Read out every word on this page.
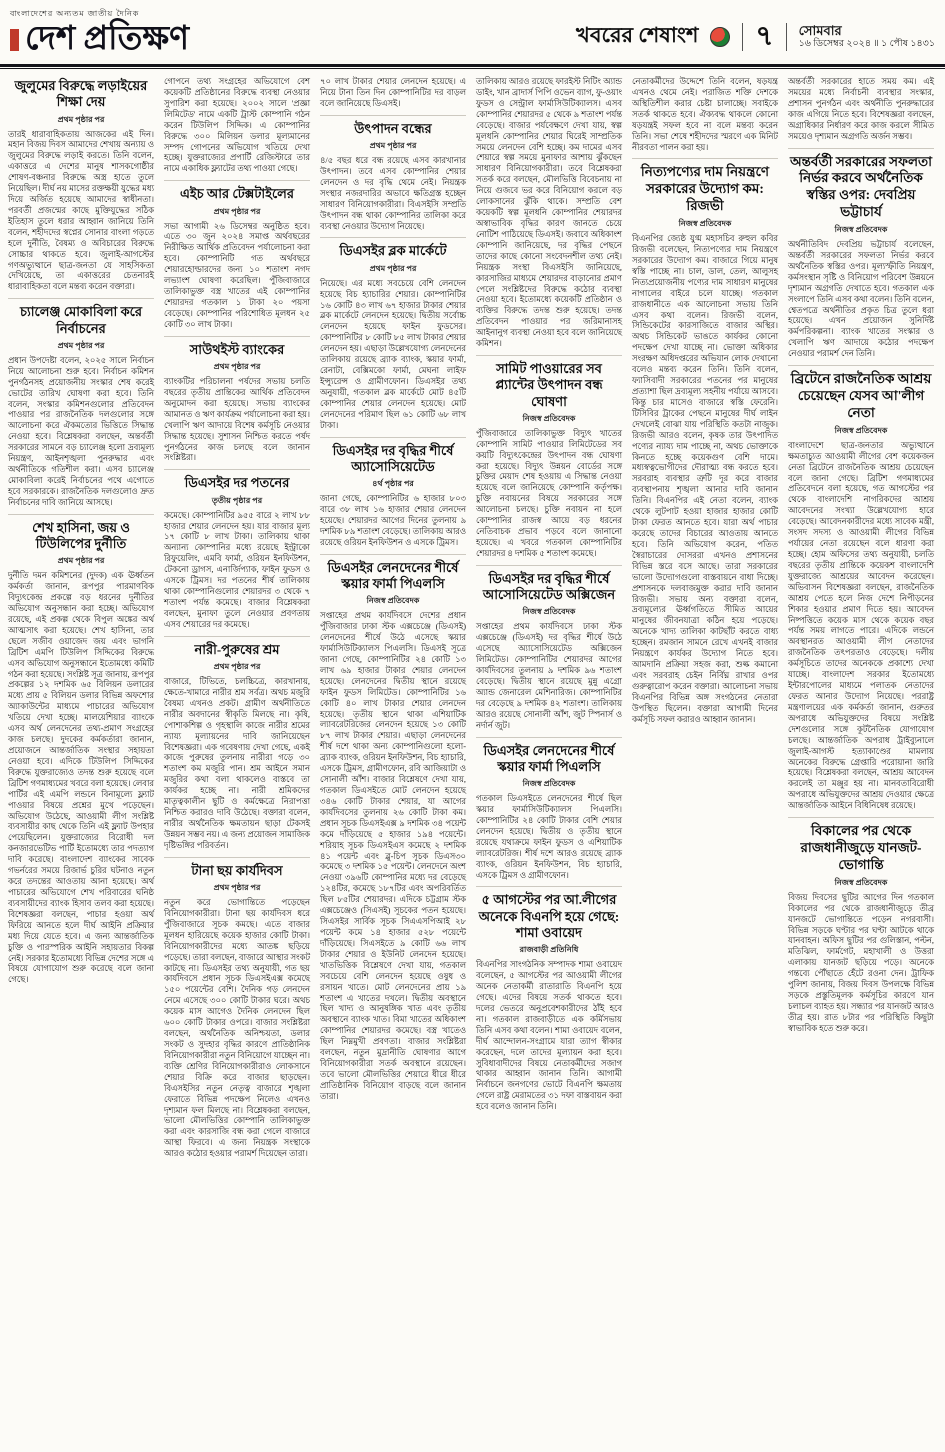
বাংলাদেশের অন্যতম জাতীয় দৈনিক
দেশ প্রতিক্ষণ	খবরের শেষাংশ	৭	সোমবার
১৬ ডিসেম্বর ২০২৪ ॥ ১ পৌষ ১৪৩১
জুলুমের বিরুদ্ধে লড়াইয়ের শিক্ষা দেয়
প্রথম পৃষ্ঠার পর

তারই ধারাবাহিকতায় আজকের এই দিন। মহান বিজয় দিবস আমাদের শেখায় অন্যায় ও জুলুমের বিরুদ্ধে লড়াই করতে। তিনি বলেন, একাত্তরে এ দেশের মানুষ শাসকগোষ্ঠীর শোষণ-বঞ্চনার বিরুদ্ধে অস্ত্র হাতে তুলে নিয়েছিল। দীর্ঘ নয় মাসের রক্তক্ষয়ী যুদ্ধের মধ্য দিয়ে অর্জিত হয়েছে আমাদের স্বাধীনতা। পরবর্তী প্রজন্মের কাছে মুক্তিযুদ্ধের সঠিক ইতিহাস তুলে ধরার আহ্বান জানিয়ে তিনি বলেন, শহীদদের স্বপ্নের সোনার বাংলা গড়তে হলে দুর্নীতি, বৈষম্য ও অবিচারের বিরুদ্ধে সোচ্চার থাকতে হবে। জুলাই-আগস্টের গণঅভ্যুত্থানে ছাত্র-জনতা যে সাহসিকতা দেখিয়েছে, তা একাত্তরের চেতনারই ধারাবাহিকতা বলে মন্তব্য করেন বক্তারা।

চ্যালেঞ্জ মোকাবিলা করে নির্বাচনের
প্রথম পৃষ্ঠার পর

প্রধান উপদেষ্টা বলেন, ২০২৫ সালে নির্বাচন নিয়ে আলোচনা শুরু হবে। নির্বাচন কমিশন পুনর্গঠনসহ প্রয়োজনীয় সংস্কার শেষ করেই ভোটের তারিখ ঘোষণা করা হবে। তিনি বলেন, সংস্কার কমিশনগুলোর প্রতিবেদন পাওয়ার পর রাজনৈতিক দলগুলোর সঙ্গে আলোচনা করে ঐকমত্যের ভিত্তিতে সিদ্ধান্ত নেওয়া হবে। বিশ্লেষকরা বলছেন, অন্তর্বর্তী সরকারের সামনে বড় চ্যালেঞ্জ হলো দ্রব্যমূল্য নিয়ন্ত্রণ, আইনশৃঙ্খলা পুনরুদ্ধার এবং অর্থনীতিকে গতিশীল করা। এসব চ্যালেঞ্জ মোকাবিলা করেই নির্বাচনের পথে এগোতে হবে সরকারকে। রাজনৈতিক দলগুলোও দ্রুত নির্বাচনের দাবি জানিয়ে আসছে।

শেখ হাসিনা, জয় ও টিউলিপের দুর্নীতি
প্রথম পৃষ্ঠার পর

দুর্নীতি দমন কমিশনের (দুদক) এক ঊর্ধ্বতন কর্মকর্তা জানান, রূপপুর পারমাণবিক বিদ্যুৎকেন্দ্র প্রকল্পে বড় ধরনের দুর্নীতির অভিযোগ অনুসন্ধান করা হচ্ছে। অভিযোগ রয়েছে, এই প্রকল্প থেকে বিপুল অঙ্কের অর্থ আত্মসাৎ করা হয়েছে। শেখ হাসিনা, তার ছেলে সজীব ওয়াজেদ জয় এবং ভাগনি ব্রিটিশ এমপি টিউলিপ সিদ্দিকের বিরুদ্ধে এসব অভিযোগ অনুসন্ধানে ইতোমধ্যে কমিটি গঠন করা হয়েছে। সংশ্লিষ্ট সূত্র জানায়, রূপপুর প্রকল্পের ১২ দশমিক ৬৫ বিলিয়ন ডলারের মধ্যে প্রায় ৫ বিলিয়ন ডলার বিভিন্ন অফশোর অ্যাকাউন্টের মাধ্যমে পাচারের অভিযোগ খতিয়ে দেখা হচ্ছে। মালয়েশিয়ার ব্যাংকে এসব অর্থ লেনদেনের তথ্য-প্রমাণ সংগ্রহের কাজ চলছে। দুদকের কর্মকর্তারা জানান, প্রয়োজনে আন্তর্জাতিক সংস্থার সহায়তা নেওয়া হবে। এদিকে টিউলিপ সিদ্দিকের বিরুদ্ধে যুক্তরাজ্যেও তদন্ত শুরু হয়েছে বলে ব্রিটিশ গণমাধ্যমের খবরে বলা হয়েছে। লেবার পার্টির এই এমপি লন্ডনে বিনামূল্যে ফ্ল্যাট পাওয়ার বিষয়ে প্রশ্নের মুখে পড়েছেন। অভিযোগ উঠেছে, আওয়ামী লীগ সংশ্লিষ্ট ব্যবসায়ীর কাছ থেকে তিনি এই ফ্ল্যাট উপহার পেয়েছিলেন। যুক্তরাজ্যের বিরোধী দল কনজারভেটিভ পার্টি ইতোমধ্যে তার পদত্যাগ দাবি করেছে। বাংলাদেশ ব্যাংকের সাবেক গভর্নরের সময়ে রিজার্ভ চুরির ঘটনাও নতুন করে তদন্তের আওতায় আনা হয়েছে। অর্থ পাচারের অভিযোগে শেখ পরিবারের ঘনিষ্ঠ ব্যবসায়ীদের ব্যাংক হিসাব তলব করা হয়েছে। বিশেষজ্ঞরা বলছেন, পাচার হওয়া অর্থ ফিরিয়ে আনতে হলে দীর্ঘ আইনি প্রক্রিয়ার মধ্য দিয়ে যেতে হবে। এ জন্য আন্তর্জাতিক চুক্তি ও পারস্পরিক আইনি সহায়তার বিকল্প নেই। সরকার ইতোমধ্যে বিভিন্ন দেশের সঙ্গে এ বিষয়ে যোগাযোগ শুরু করেছে বলে জানা গেছে।

গোপনে তথ্য সংগ্রহের অভিযোগে বেশ কয়েকটি প্রতিষ্ঠানের বিরুদ্ধে ব্যবস্থা নেওয়ার সুপারিশ করা হয়েছে। ২০০২ সালে 'প্রজ্ঞা লিমিটেড' নামে একটি ট্রাস্ট কোম্পানি গঠন করেন টিউলিপ সিদ্দিক। এ কোম্পানির বিরুদ্ধে ৩০০ মিলিয়ন ডলার মূল্যমানের সম্পদ গোপনের অভিযোগ খতিয়ে দেখা হচ্ছে। যুক্তরাজ্যের প্রপার্টি রেজিস্টারে তার নামে একাধিক ফ্ল্যাটের তথ্য পাওয়া গেছে।

এইচ আর টেক্সটাইলের
প্রথম পৃষ্ঠার পর

সভা আগামী ২৬ ডিসেম্বর অনুষ্ঠিত হবে। এতে ৩০ জুন ২০২৪ সমাপ্ত অর্থবছরের নিরীক্ষিত আর্থিক প্রতিবেদন পর্যালোচনা করা হবে। কোম্পানিটি গত অর্থবছরে শেয়ারহোল্ডারদের জন্য ১০ শতাংশ নগদ লভ্যাংশ ঘোষণা করেছিল। পুঁজিবাজারে তালিকাভুক্ত বস্ত্র খাতের এই কোম্পানির শেয়ারদর গতকাল ১ টাকা ২০ পয়সা বেড়েছে। কোম্পানির পরিশোধিত মূলধন ২৫ কোটি ৩০ লাখ টাকা।

সাউথইস্ট ব্যাংকের
প্রথম পৃষ্ঠার পর

ব্যাংকটির পরিচালনা পর্ষদের সভায় চলতি বছরের তৃতীয় প্রান্তিকের আর্থিক প্রতিবেদন অনুমোদন করা হয়েছে। সভায় ব্যাংকের আমানত ও ঋণ কার্যক্রম পর্যালোচনা করা হয়। খেলাপি ঋণ আদায়ে বিশেষ কর্মসূচি নেওয়ার সিদ্ধান্ত হয়েছে। সুশাসন নিশ্চিত করতে পর্ষদ পুনর্গঠনের কাজ চলছে বলে জানান সংশ্লিষ্টরা।

ডিএসইর দর পতনের
তৃতীয় পৃষ্ঠার পর

কমেছে। কোম্পানিটির ৯৫৫ বারে ২ লাখ ৮৮ হাজার শেয়ার লেনদেন হয়। যার বাজার মূল্য ১৭ কোটি ৮ লাখ টাকা। তালিকায় থাকা অন্যান্য কোম্পানির মধ্যে রয়েছে ইন্ট্রাকো রিফুয়েলিং, এমবি ফার্মা, ওরিয়ন ইনফিউশন, টেকনো ড্রাগস, এনার্জিপ্যাক, ফাইন ফুডস ও এসকে ট্রিমস। দর পতনের শীর্ষ তালিকায় থাকা কোম্পানিগুলোর শেয়ারদর ৩ থেকে ৭ শতাংশ পর্যন্ত কমেছে। বাজার বিশ্লেষকরা বলছেন, মুনাফা তুলে নেওয়ার প্রবণতায় এসব শেয়ারের দর কমেছে।

নারী-পুরুষের শ্রম
প্রথম পৃষ্ঠার পর

বাজারে, টিভিতে, চলচ্চিত্রে, কারখানায়, ক্ষেতে-খামারে নারীর শ্রম সর্বত্র। অথচ মজুরি বৈষম্য এখনও প্রকট। গ্রামীণ অর্থনীতিতে নারীর অবদানের স্বীকৃতি মিলছে না। কৃষি, পোশাকশিল্প ও গৃহস্থালি কাজে নারীর শ্রমের ন্যায্য মূল্যায়নের দাবি জানিয়েছেন বিশেষজ্ঞরা। এক গবেষণায় দেখা গেছে, একই কাজে পুরুষের তুলনায় নারীরা গড়ে ৩০ শতাংশ কম মজুরি পান। শ্রম আইনে সমান মজুরির কথা বলা থাকলেও বাস্তবে তা কার্যকর হচ্ছে না। নারী শ্রমিকদের মাতৃত্বকালীন ছুটি ও কর্মক্ষেত্রে নিরাপত্তা নিশ্চিত করারও দাবি উঠেছে। বক্তারা বলেন, নারীর অর্থনৈতিক ক্ষমতায়ন ছাড়া টেকসই উন্নয়ন সম্ভব নয়। এ জন্য প্রয়োজন সামাজিক দৃষ্টিভঙ্গির পরিবর্তন।

টানা ছয় কার্যদিবস
প্রথম পৃষ্ঠার পর

নতুন করে ভোগান্তিতে পড়েছেন বিনিয়োগকারীরা। টানা ছয় কার্যদিবস ধরে পুঁজিবাজারে সূচক কমছে। এতে বাজার মূলধন হারিয়েছে কয়েক হাজার কোটি টাকা। বিনিয়োগকারীদের মধ্যে আতঙ্ক ছড়িয়ে পড়েছে। তারা বলছেন, বাজারে আস্থার সংকট কাটছে না। ডিএসইর তথ্য অনুযায়ী, গত ছয় কার্যদিবসে প্রধান সূচক ডিএসইএক্স কমেছে ১৫০ পয়েন্টের বেশি। দৈনিক গড় লেনদেন নেমে এসেছে ৩০০ কোটি টাকার ঘরে। অথচ কয়েক মাস আগেও দৈনিক লেনদেন ছিল ৬০০ কোটি টাকার ওপরে। বাজার সংশ্লিষ্টরা বলছেন, অর্থনৈতিক অনিশ্চয়তা, ডলার সংকট ও সুদহার বৃদ্ধির কারণে প্রাতিষ্ঠানিক বিনিয়োগকারীরা নতুন বিনিয়োগে যাচ্ছেন না। ব্যক্তি শ্রেণির বিনিয়োগকারীরাও লোকসানে শেয়ার বিক্রি করে বাজার ছাড়ছেন। বিএসইসির নতুন নেতৃত্ব বাজারে শৃঙ্খলা ফেরাতে বিভিন্ন পদক্ষেপ নিলেও এখনও দৃশ্যমান ফল মিলছে না। বিশ্লেষকরা বলছেন, ভালো মৌলভিত্তির কোম্পানি তালিকাভুক্ত করা এবং কারসাজি বন্ধ করা গেলে বাজারে আস্থা ফিরবে। এ জন্য নিয়ন্ত্রক সংস্থাকে আরও কঠোর হওয়ার পরামর্শ দিয়েছেন তারা।

৭০ লাখ টাকার শেয়ার লেনদেন হয়েছে। এ নিয়ে টানা তিন দিন কোম্পানিটির দর বাড়ল বলে জানিয়েছে ডিএসই।

উৎপাদন বন্ধের
প্রথম পৃষ্ঠার পর

৪/৫ বছর ধরে বন্ধ রয়েছে এসব কারখানার উৎপাদন। তবে এসব কোম্পানির শেয়ার লেনদেন ও দর বৃদ্ধি থেমে নেই। নিয়ন্ত্রক সংস্থার নজরদারির অভাবে ক্ষতিগ্রস্ত হচ্ছেন সাধারণ বিনিয়োগকারীরা। বিএসইসি সম্প্রতি উৎপাদন বন্ধ থাকা কোম্পানির তালিকা করে ব্যবস্থা নেওয়ার উদ্যোগ নিয়েছে।

ডিএসইর ব্লক মার্কেটে
প্রথম পৃষ্ঠার পর

নিয়েছে। এর মধ্যে সবচেয়ে বেশি লেনদেন হয়েছে বিচ হ্যাচারির শেয়ার। কোম্পানিটির ১৬ কোটি ৪৩ লাখ ৬৭ হাজার টাকার শেয়ার ব্লক মার্কেটে লেনদেন হয়েছে। দ্বিতীয় সর্বোচ্চ লেনদেন হয়েছে ফাইন ফুডসের। কোম্পানিটির ৮ কোটি ৮৫ লাখ টাকার শেয়ার লেনদেন হয়। এছাড়া উল্লেখযোগ্য লেনদেনের তালিকায় রয়েছে ব্র্যাক ব্যাংক, স্কয়ার ফার্মা, রেনাটা, বেক্সিমকো ফার্মা, মেঘনা লাইফ ইন্স্যুরেন্স ও গ্রামীণফোন। ডিএসইর তথ্য অনুযায়ী, গতকাল ব্লক মার্কেটে মোট ৪৫টি কোম্পানির শেয়ার লেনদেন হয়েছে। মোট লেনদেনের পরিমাণ ছিল ৬১ কোটি ৬৮ লাখ টাকা।

ডিএসইর দর বৃদ্ধির শীর্ষে অ্যাসোসিয়েটেড
৪র্থ পৃষ্ঠার পর

জানা গেছে, কোম্পানিটির ৬ হাজার ৮০৩ বারে ৩৮ লাখ ১৬ হাজার শেয়ার লেনদেন হয়েছে। শেয়ারদর আগের দিনের তুলনায় ৯ দশমিক ৮৯ শতাংশ বেড়েছে। তালিকায় আরও রয়েছে ওরিয়ন ইনফিউশন ও এসকে ট্রিমস।

ডিএসইর লেনদেনের শীর্ষে স্কয়ার ফার্মা পিএলসি
নিজস্ব প্রতিবেদক

সপ্তাহের প্রথম কার্যদিবসে দেশের প্রধান পুঁজিবাজার ঢাকা স্টক এক্সচেঞ্জে (ডিএসই) লেনদেনের শীর্ষে উঠে এসেছে স্কয়ার ফার্মাসিউটিক্যালস পিএলসি। ডিএসই সূত্রে জানা গেছে, কোম্পানিটির ২৪ কোটি ১৩ লাখ ৬৯ হাজার টাকার শেয়ার লেনদেন হয়েছে। লেনদেনের দ্বিতীয় স্থানে রয়েছে ফাইন ফুডস লিমিটেড। কোম্পানিটির ১৬ কোটি ৪০ লাখ টাকার শেয়ার লেনদেন হয়েছে। তৃতীয় স্থানে থাকা এশিয়াটিক ল্যাবরেটরিজের লেনদেন হয়েছে ১৩ কোটি ৮৭ লাখ টাকার শেয়ার। এছাড়া লেনদেনের শীর্ষ দশে থাকা অন্য কোম্পানিগুলো হলো- ব্র্যাক ব্যাংক, ওরিয়ন ইনফিউশন, বিচ হ্যাচারি, এসকে ট্রিমস, গ্রামীণফোন, রবি আজিয়াটা ও সোনালী আঁশ। বাজার বিশ্লেষণে দেখা যায়, গতকাল ডিএসইতে মোট লেনদেন হয়েছে ৩৪৬ কোটি টাকার শেয়ার, যা আগের কার্যদিবসের তুলনায় ২৬ কোটি টাকা কম। প্রধান সূচক ডিএসইএক্স ৯ দশমিক ৩৪ পয়েন্ট কমে দাঁড়িয়েছে ৫ হাজার ১৯৪ পয়েন্টে। শরিয়াহ সূচক ডিএসইএস কমেছে ২ দশমিক ৪১ পয়েন্ট এবং ব্লু-চিপ সূচক ডিএস৩০ কমেছে ৩ দশমিক ১৫ পয়েন্ট। লেনদেনে অংশ নেওয়া ৩৯৬টি কোম্পানির মধ্যে দর বেড়েছে ১২৪টির, কমেছে ১৮৭টির এবং অপরিবর্তিত ছিল ৮৫টির শেয়ারদর। এদিকে চট্টগ্রাম স্টক এক্সচেঞ্জেও (সিএসই) সূচকের পতন হয়েছে। সিএসইর সার্বিক সূচক সিএএসপিআই ২৮ পয়েন্ট কমে ১৪ হাজার ৫২৮ পয়েন্টে দাঁড়িয়েছে। সিএসইতে ৯ কোটি ৬৬ লাখ টাকার শেয়ার ও ইউনিট লেনদেন হয়েছে। খাতভিত্তিক বিশ্লেষণে দেখা যায়, গতকাল সবচেয়ে বেশি লেনদেন হয়েছে ওষুধ ও রসায়ন খাতে। মোট লেনদেনের প্রায় ১৯ শতাংশ এ খাতের দখলে। দ্বিতীয় অবস্থানে ছিল খাদ্য ও আনুষঙ্গিক খাত এবং তৃতীয় অবস্থানে ব্যাংক খাত। বিমা খাতের অধিকাংশ কোম্পানির শেয়ারদর কমেছে। বস্ত্র খাতেও ছিল নিম্নমুখী প্রবণতা। বাজার সংশ্লিষ্টরা বলছেন, নতুন মুদ্রানীতি ঘোষণার আগে বিনিয়োগকারীরা সতর্ক অবস্থানে রয়েছেন। তবে ভালো মৌলভিত্তির শেয়ারে ধীরে ধীরে প্রাতিষ্ঠানিক বিনিয়োগ বাড়ছে বলে জানান তারা।

তালিকায় আরও রয়েছে ফারইস্ট নিটিং অ্যান্ড ডাইং, খান ব্রাদার্স পিপি ওভেন ব্যাগ, ফু-ওয়াং ফুডস ও সেন্ট্রাল ফার্মাসিউটিক্যালস। এসব কোম্পানির শেয়ারদর ৫ থেকে ৯ শতাংশ পর্যন্ত বেড়েছে। বাজার পর্যবেক্ষণে দেখা যায়, স্বল্প মূলধনি কোম্পানির শেয়ার ঘিরেই সাম্প্রতিক সময়ে লেনদেন বেশি হচ্ছে। কম দামের এসব শেয়ারে স্বল্প সময়ে মুনাফার আশায় ঝুঁকছেন সাধারণ বিনিয়োগকারীরা। তবে বিশ্লেষকরা সতর্ক করে বলছেন, মৌলভিত্তি বিবেচনায় না নিয়ে গুজবে ভর করে বিনিয়োগ করলে বড় লোকসানের ঝুঁকি থাকে। সম্প্রতি বেশ কয়েকটি স্বল্প মূলধনি কোম্পানির শেয়ারদর অস্বাভাবিক বৃদ্ধির কারণ জানতে চেয়ে নোটিশ পাঠিয়েছে ডিএসই। জবাবে অধিকাংশ কোম্পানি জানিয়েছে, দর বৃদ্ধির পেছনে তাদের কাছে কোনো সংবেদনশীল তথ্য নেই। নিয়ন্ত্রক সংস্থা বিএসইসি জানিয়েছে, কারসাজির মাধ্যমে শেয়ারদর বাড়ানোর প্রমাণ পেলে সংশ্লিষ্টদের বিরুদ্ধে কঠোর ব্যবস্থা নেওয়া হবে। ইতোমধ্যে কয়েকটি প্রতিষ্ঠান ও ব্যক্তির বিরুদ্ধে তদন্ত শুরু হয়েছে। তদন্ত প্রতিবেদন পাওয়ার পর জরিমানাসহ আইনানুগ ব্যবস্থা নেওয়া হবে বলে জানিয়েছে কমিশন।

সামিট পাওয়ারের সব প্ল্যান্টের উৎপাদন বন্ধ ঘোষণা
নিজস্ব প্রতিবেদক

পুঁজিবাজারে তালিকাভুক্ত বিদ্যুৎ খাতের কোম্পানি সামিট পাওয়ার লিমিটেডের সব কয়টি বিদ্যুৎকেন্দ্রের উৎপাদন বন্ধ ঘোষণা করা হয়েছে। বিদ্যুৎ উন্নয়ন বোর্ডের সঙ্গে চুক্তির মেয়াদ শেষ হওয়ায় এ সিদ্ধান্ত নেওয়া হয়েছে বলে জানিয়েছে কোম্পানি কর্তৃপক্ষ। চুক্তি নবায়নের বিষয়ে সরকারের সঙ্গে আলোচনা চলছে। চুক্তি নবায়ন না হলে কোম্পানির রাজস্ব আয়ে বড় ধরনের নেতিবাচক প্রভাব পড়বে বলে জানানো হয়েছে। এ খবরে গতকাল কোম্পানিটির শেয়ারদর ৪ দশমিক ৫ শতাংশ কমেছে।

ডিএসইর দর বৃদ্ধির শীর্ষে আসোসিয়েটেড অক্সিজেন
নিজস্ব প্রতিবেদক

সপ্তাহের প্রথম কার্যদিবসে ঢাকা স্টক এক্সচেঞ্জে (ডিএসই) দর বৃদ্ধির শীর্ষে উঠে এসেছে অ্যাসোসিয়েটেড অক্সিজেন লিমিটেড। কোম্পানিটির শেয়ারদর আগের কার্যদিবসের তুলনায় ৯ দশমিক ৯৬ শতাংশ বেড়েছে। দ্বিতীয় স্থানে রয়েছে মুন্নু এগ্রো অ্যান্ড জেনারেল মেশিনারিজ। কোম্পানিটির দর বেড়েছে ৯ দশমিক ৪২ শতাংশ। তালিকায় আরও রয়েছে সোনালী আঁশ, জুট স্পিনার্স ও নর্দার্ন জুট।

ডিএসইর লেনদেনের শীর্ষে স্কয়ার ফার্মা পিএলসি
নিজস্ব প্রতিবেদক

গতকাল ডিএসইতে লেনদেনের শীর্ষে ছিল স্কয়ার ফার্মাসিউটিক্যালস পিএলসি। কোম্পানিটির ২৪ কোটি টাকার বেশি শেয়ার লেনদেন হয়েছে। দ্বিতীয় ও তৃতীয় স্থানে রয়েছে যথাক্রমে ফাইন ফুডস ও এশিয়াটিক ল্যাবরেটরিজ। শীর্ষ দশে আরও রয়েছে ব্র্যাক ব্যাংক, ওরিয়ন ইনফিউশন, বিচ হ্যাচারি, এসকে ট্রিমস ও গ্রামীণফোন।

৫ আগস্টের পর আ.লীগের অনেকে বিএনপি হয়ে গেছে: শামা ওবায়েদ
রাজবাড়ী প্রতিনিধি

বিএনপির সাংগঠনিক সম্পাদক শামা ওবায়েদ বলেছেন, ৫ আগস্টের পর আওয়ামী লীগের অনেক নেতাকর্মী রাতারাতি বিএনপি হয়ে গেছে। এদের বিষয়ে সতর্ক থাকতে হবে। দলের ভেতরে অনুপ্রবেশকারীদের ঠাঁই হবে না। গতকাল রাজবাড়ীতে এক কর্মিসভায় তিনি এসব কথা বলেন। শামা ওবায়েদ বলেন, দীর্ঘ আন্দোলন-সংগ্রামে যারা ত্যাগ স্বীকার করেছেন, দলে তাদের মূল্যায়ন করা হবে। সুবিধাবাদীদের বিষয়ে নেতাকর্মীদের সজাগ থাকার আহ্বান জানান তিনি। আগামী নির্বাচনে জনগণের ভোটে বিএনপি ক্ষমতায় গেলে রাষ্ট্র মেরামতের ৩১ দফা বাস্তবায়ন করা হবে বলেও জানান তিনি।

নেতাকর্মীদের উদ্দেশে তিনি বলেন, ষড়যন্ত্র এখনও থেমে নেই। পরাজিত শক্তি দেশকে অস্থিতিশীল করার চেষ্টা চালাচ্ছে। সবাইকে সতর্ক থাকতে হবে। ঐক্যবদ্ধ থাকলে কোনো ষড়যন্ত্রই সফল হবে না বলে মন্তব্য করেন তিনি। সভা শেষে শহীদদের স্মরণে এক মিনিট নীরবতা পালন করা হয়।

নিত্যপণ্যের দাম নিয়ন্ত্রণে সরকারের উদ্যোগ কম: রিজভী
নিজস্ব প্রতিবেদক

বিএনপির জ্যেষ্ঠ যুগ্ম মহাসচিব রুহুল কবির রিজভী বলেছেন, নিত্যপণ্যের দাম নিয়ন্ত্রণে সরকারের উদ্যোগ কম। বাজারে গিয়ে মানুষ স্বস্তি পাচ্ছে না। চাল, ডাল, তেল, আলুসহ নিত্যপ্রয়োজনীয় পণ্যের দাম সাধারণ মানুষের নাগালের বাইরে চলে যাচ্ছে। গতকাল রাজধানীতে এক আলোচনা সভায় তিনি এসব কথা বলেন। রিজভী বলেন, সিন্ডিকেটের কারসাজিতে বাজার অস্থির। অথচ সিন্ডিকেট ভাঙতে কার্যকর কোনো পদক্ষেপ দেখা যাচ্ছে না। ভোক্তা অধিকার সংরক্ষণ অধিদপ্তরের অভিযান লোক দেখানো বলেও মন্তব্য করেন তিনি। তিনি বলেন, ফ্যাসিবাদী সরকারের পতনের পর মানুষের প্রত্যাশা ছিল দ্রব্যমূল্য সহনীয় পর্যায়ে আসবে। কিন্তু চার মাসেও বাজারে স্বস্তি ফেরেনি। টিসিবির ট্রাকের পেছনে মানুষের দীর্ঘ লাইন দেখলেই বোঝা যায় পরিস্থিতি কতটা নাজুক। রিজভী আরও বলেন, কৃষক তার উৎপাদিত পণ্যের ন্যায্য দাম পাচ্ছে না, অথচ ভোক্তাকে কিনতে হচ্ছে কয়েকগুণ বেশি দামে। মধ্যস্বত্বভোগীদের দৌরাত্ম্য বন্ধ করতে হবে। সরবরাহ ব্যবস্থার ত্রুটি দূর করে বাজার ব্যবস্থাপনায় শৃঙ্খলা আনার দাবি জানান তিনি। বিএনপির এই নেতা বলেন, ব্যাংক থেকে লুটপাট হওয়া হাজার হাজার কোটি টাকা ফেরত আনতে হবে। যারা অর্থ পাচার করেছে তাদের বিচারের আওতায় আনতে হবে। তিনি অভিযোগ করেন, পতিত স্বৈরাচারের দোসররা এখনও প্রশাসনের বিভিন্ন স্তরে বসে আছে। তারা সরকারের ভালো উদ্যোগগুলো বাস্তবায়নে বাধা দিচ্ছে। প্রশাসনকে দলবাজমুক্ত করার দাবি জানান রিজভী। সভায় অন্য বক্তারা বলেন, দ্রব্যমূল্যের ঊর্ধ্বগতিতে সীমিত আয়ের মানুষের জীবনযাত্রা কঠিন হয়ে পড়েছে। অনেকে খাদ্য তালিকা কাটছাঁট করতে বাধ্য হচ্ছেন। রমজান সামনে রেখে এখনই বাজার নিয়ন্ত্রণে কার্যকর উদ্যোগ নিতে হবে। আমদানি প্রক্রিয়া সহজ করা, শুল্ক কমানো এবং সরবরাহ চেইন নির্বিঘ্ন রাখার ওপর গুরুত্বারোপ করেন বক্তারা। আলোচনা সভায় বিএনপির বিভিন্ন অঙ্গ সংগঠনের নেতারা উপস্থিত ছিলেন। বক্তারা আগামী দিনের কর্মসূচি সফল করারও আহ্বান জানান।

অন্তর্বর্তী সরকারের হাতে সময় কম। এই সময়ের মধ্যে নির্বাচনী ব্যবস্থার সংস্কার, প্রশাসন পুনর্গঠন এবং অর্থনীতি পুনরুদ্ধারের কাজ এগিয়ে নিতে হবে। বিশেষজ্ঞরা বলছেন, অগ্রাধিকার নির্ধারণ করে কাজ করলে সীমিত সময়েও দৃশ্যমান অগ্রগতি অর্জন সম্ভব।

অন্তর্বর্তী সরকারের সফলতা নির্ভর করবে অর্থনৈতিক স্বস্তির ওপর: দেবপ্রিয় ভট্টাচার্য
নিজস্ব প্রতিবেদক

অর্থনীতিবিদ দেবপ্রিয় ভট্টাচার্য বলেছেন, অন্তর্বর্তী সরকারের সফলতা নির্ভর করবে অর্থনৈতিক স্বস্তির ওপর। মূল্যস্ফীতি নিয়ন্ত্রণ, কর্মসংস্থান সৃষ্টি ও বিনিয়োগ পরিবেশ উন্নয়নে দৃশ্যমান অগ্রগতি দেখাতে হবে। গতকাল এক সংলাপে তিনি এসব কথা বলেন। তিনি বলেন, শ্বেতপত্রে অর্থনীতির প্রকৃত চিত্র তুলে ধরা হয়েছে। এখন প্রয়োজন সুনির্দিষ্ট কর্মপরিকল্পনা। ব্যাংক খাতের সংস্কার ও খেলাপি ঋণ আদায়ে কঠোর পদক্ষেপ নেওয়ার পরামর্শ দেন তিনি।

ব্রিটেনে রাজনৈতিক আশ্রয় চেয়েছেন যেসব আ'লীগ নেতা
নিজস্ব প্রতিবেদক

বাংলাদেশে ছাত্র-জনতার অভ্যুত্থানে ক্ষমতাচ্যুত আওয়ামী লীগের বেশ কয়েকজন নেতা ব্রিটেনে রাজনৈতিক আশ্রয় চেয়েছেন বলে জানা গেছে। ব্রিটিশ গণমাধ্যমের প্রতিবেদনে বলা হয়েছে, গত আগস্টের পর থেকে বাংলাদেশি নাগরিকদের আশ্রয় আবেদনের সংখ্যা উল্লেখযোগ্য হারে বেড়েছে। আবেদনকারীদের মধ্যে সাবেক মন্ত্রী, সংসদ সদস্য ও আওয়ামী লীগের বিভিন্ন পর্যায়ের নেতা রয়েছেন বলে ধারণা করা হচ্ছে। হোম অফিসের তথ্য অনুযায়ী, চলতি বছরের তৃতীয় প্রান্তিকে কয়েকশ বাংলাদেশি যুক্তরাজ্যে আশ্রয়ের আবেদন করেছেন। অভিবাসন বিশেষজ্ঞরা বলছেন, রাজনৈতিক আশ্রয় পেতে হলে নিজ দেশে নিপীড়নের শিকার হওয়ার প্রমাণ দিতে হয়। আবেদন নিষ্পত্তিতে কয়েক মাস থেকে কয়েক বছর পর্যন্ত সময় লাগতে পারে। এদিকে লন্ডনে অবস্থানরত আওয়ামী লীগ নেতাদের রাজনৈতিক তৎপরতাও বেড়েছে। দলীয় কর্মসূচিতে তাদের অনেককে প্রকাশ্যে দেখা যাচ্ছে। বাংলাদেশ সরকার ইতোমধ্যে ইন্টারপোলের মাধ্যমে পলাতক নেতাদের ফেরত আনার উদ্যোগ নিয়েছে। পররাষ্ট্র মন্ত্রণালয়ের এক কর্মকর্তা জানান, গুরুতর অপরাধে অভিযুক্তদের বিষয়ে সংশ্লিষ্ট দেশগুলোর সঙ্গে কূটনৈতিক যোগাযোগ চলছে। আন্তর্জাতিক অপরাধ ট্রাইব্যুনালে জুলাই-আগস্ট হত্যাকাণ্ডের মামলায় অনেকের বিরুদ্ধে গ্রেপ্তারি পরোয়ানা জারি হয়েছে। বিশ্লেষকরা বলছেন, আশ্রয় আবেদন করলেই তা মঞ্জুর হয় না। মানবতাবিরোধী অপরাধে অভিযুক্তদের আশ্রয় দেওয়ার ক্ষেত্রে আন্তর্জাতিক আইনে বিধিনিষেধ রয়েছে।

বিকালের পর থেকে রাজধানীজুড়ে যানজট-ভোগান্তি
নিজস্ব প্রতিবেদক

বিজয় দিবসের ছুটির আগের দিন গতকাল বিকালের পর থেকে রাজধানীজুড়ে তীব্র যানজটে ভোগান্তিতে পড়েন নগরবাসী। বিভিন্ন সড়কে ঘণ্টার পর ঘণ্টা আটকে থাকে যানবাহন। অফিস ছুটির পর গুলিস্তান, পল্টন, মতিঝিল, ফার্মগেট, মহাখালী ও উত্তরা এলাকায় যানজট ছড়িয়ে পড়ে। অনেকে গন্তব্যে পৌঁছাতে হেঁটে রওনা দেন। ট্রাফিক পুলিশ জানায়, বিজয় দিবস উপলক্ষে বিভিন্ন সড়কে প্রস্তুতিমূলক কর্মসূচির কারণে যান চলাচল ব্যাহত হয়। সন্ধ্যার পর যানজট আরও তীব্র হয়। রাত ৮টার পর পরিস্থিতি কিছুটা স্বাভাবিক হতে শুরু করে।
